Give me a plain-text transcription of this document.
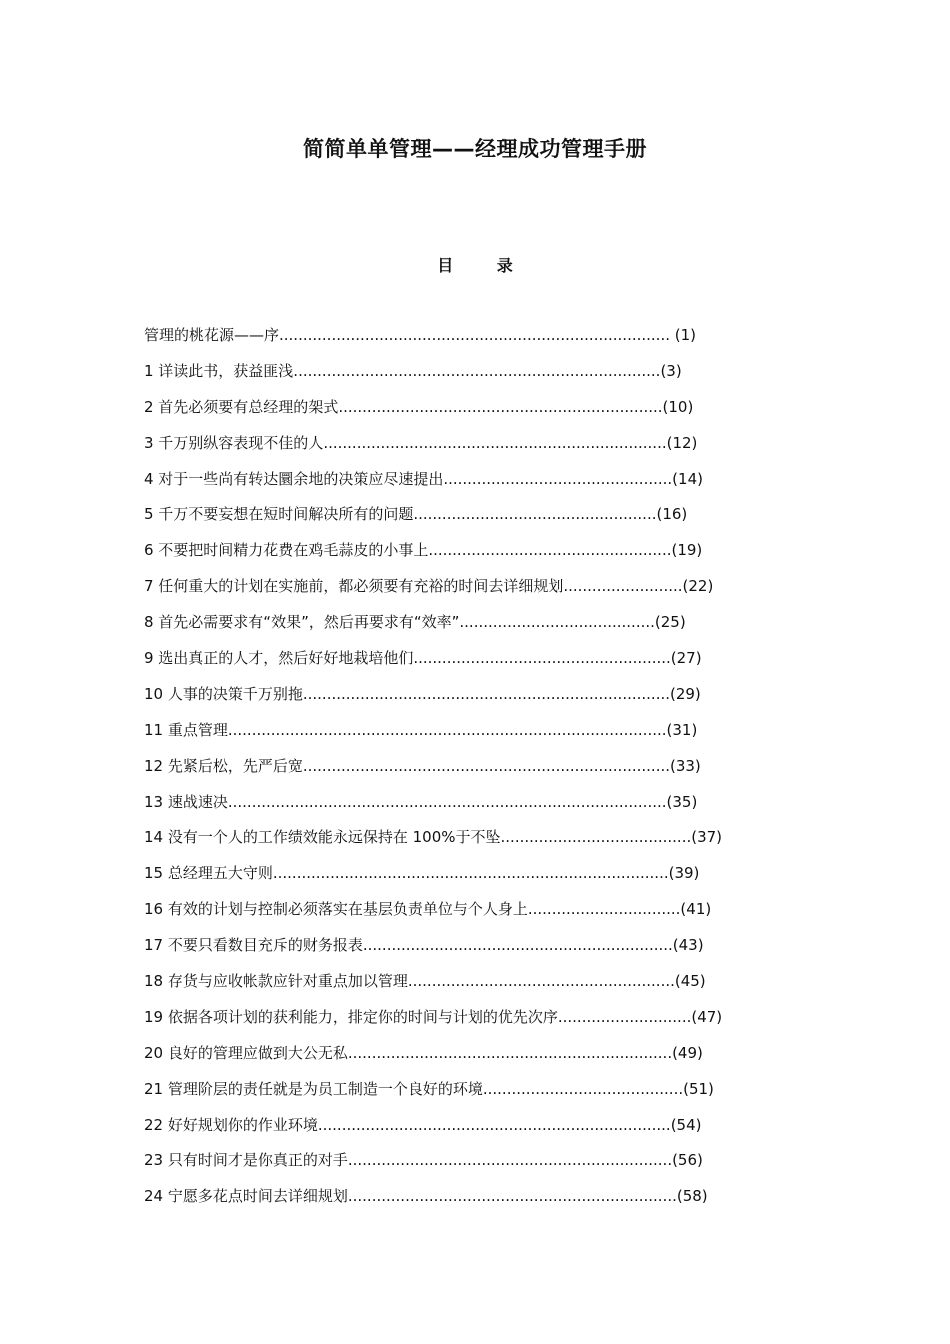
简简单单管理——经理成功管理手册
目	录
管理的桃花源——序.................................................................................. (1)
1 详读此书，获益匪浅.............................................................................(3)
2 首先必须要有总经理的架式....................................................................(10)
3 千万别纵容表现不佳的人........................................................................(12)
4 对于一些尚有转达圜余地的决策应尽速提出................................................(14)
5 千万不要妄想在短时间解决所有的问题...................................................(16)
6 不要把时间精力花费在鸡毛蒜皮的小事上...................................................(19)
7 任何重大的计划在实施前，都必须要有充裕的时间去详细规划.........................(22)
8 首先必需要求有“效果”，然后再要求有“效率”.........................................(25)
9 选出真正的人才，然后好好地栽培他们......................................................(27)
10 人事的决策千万别拖.............................................................................(29)
11 重点管理............................................................................................(31)
12 先紧后松，先严后宽.............................................................................(33)
13 速战速决............................................................................................(35)
14 没有一个人的工作绩效能永远保持在 100%于不坠........................................(37)
15 总经理五大守则...................................................................................(39)
16 有效的计划与控制必须落实在基层负责单位与个人身上................................(41)
17 不要只看数目充斥的财务报表.................................................................(43)
18 存货与应收帐款应针对重点加以管理........................................................(45)
19 依据各项计划的获利能力，排定你的时间与计划的优先次序............................(47)
20 良好的管理应做到大公无私....................................................................(49)
21 管理阶层的责任就是为员工制造一个良好的环境..........................................(51)
22 好好规划你的作业环境..........................................................................(54)
23 只有时间才是你真正的对手....................................................................(56)
24 宁愿多花点时间去详细规划.....................................................................(58)
